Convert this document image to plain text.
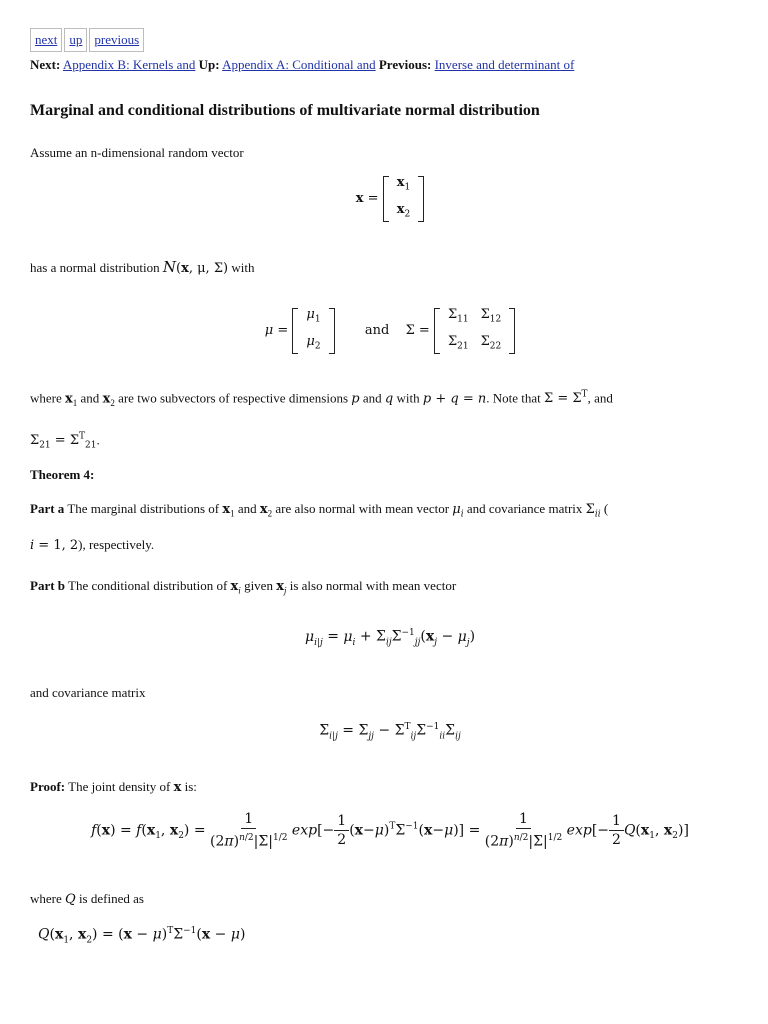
next up previous
Next: Appendix B: Kernels and Up: Appendix A: Conditional and Previous: Inverse and determinant of
Marginal and conditional distributions of multivariate normal distribution

Assume an n-dimensional random vector

x =
$x_1$
$x_2$

has a normal distribution N(x, μ, Σ) with

μ =
$\mu_1$
$\mu_2$
and Σ =
$\Sigma_{11}$ $\Sigma_{12}$
$\Sigma_{21}$ $\Sigma_{22}$

where $x_1$ and $x_2$ are two subvectors of respective dimensions p and q with p + q = n. Note that $\Sigma = \Sigma^T$, and

$\Sigma_{21} = \Sigma^T_{21}$.

Theorem 4:

Part a The marginal distributions of $x_1$ and $x_2$ are also normal with mean vector $\mu_i$ and covariance matrix $\Sigma_{ii}$ (

i = 1, 2), respectively.

Part b The conditional distribution of $x_i$ given $x_j$ is also normal with mean vector

$\mu_{i|j} = \mu_i + \Sigma_{ij}\Sigma^{-1}_{jj}(x_j - \mu_j)$

and covariance matrix

$\Sigma_{i|j} = \Sigma_{jj} - \Sigma^T_{ij}\Sigma^{-1}_{ii}\Sigma_{ij}$

Proof: The joint density of x is:

$f(x) = f(x_1$, $x_2) = \frac{1}{(2\pi)^{n/2}|\Sigma|^{1/2}} \exp[- \frac{1}{2} (x-\mu)^T\Sigma^{-1}(x-\mu)] = \frac{1}{(2\pi)^{n/2}|\Sigma|^{1/2}} \exp[- \frac{1}{2} Q(x_1$, $x_2$)]

where Q is defined as

$Q(x_1$, $x_2) = (x - \mu)^T\Sigma^{-1}(x - \mu)$
